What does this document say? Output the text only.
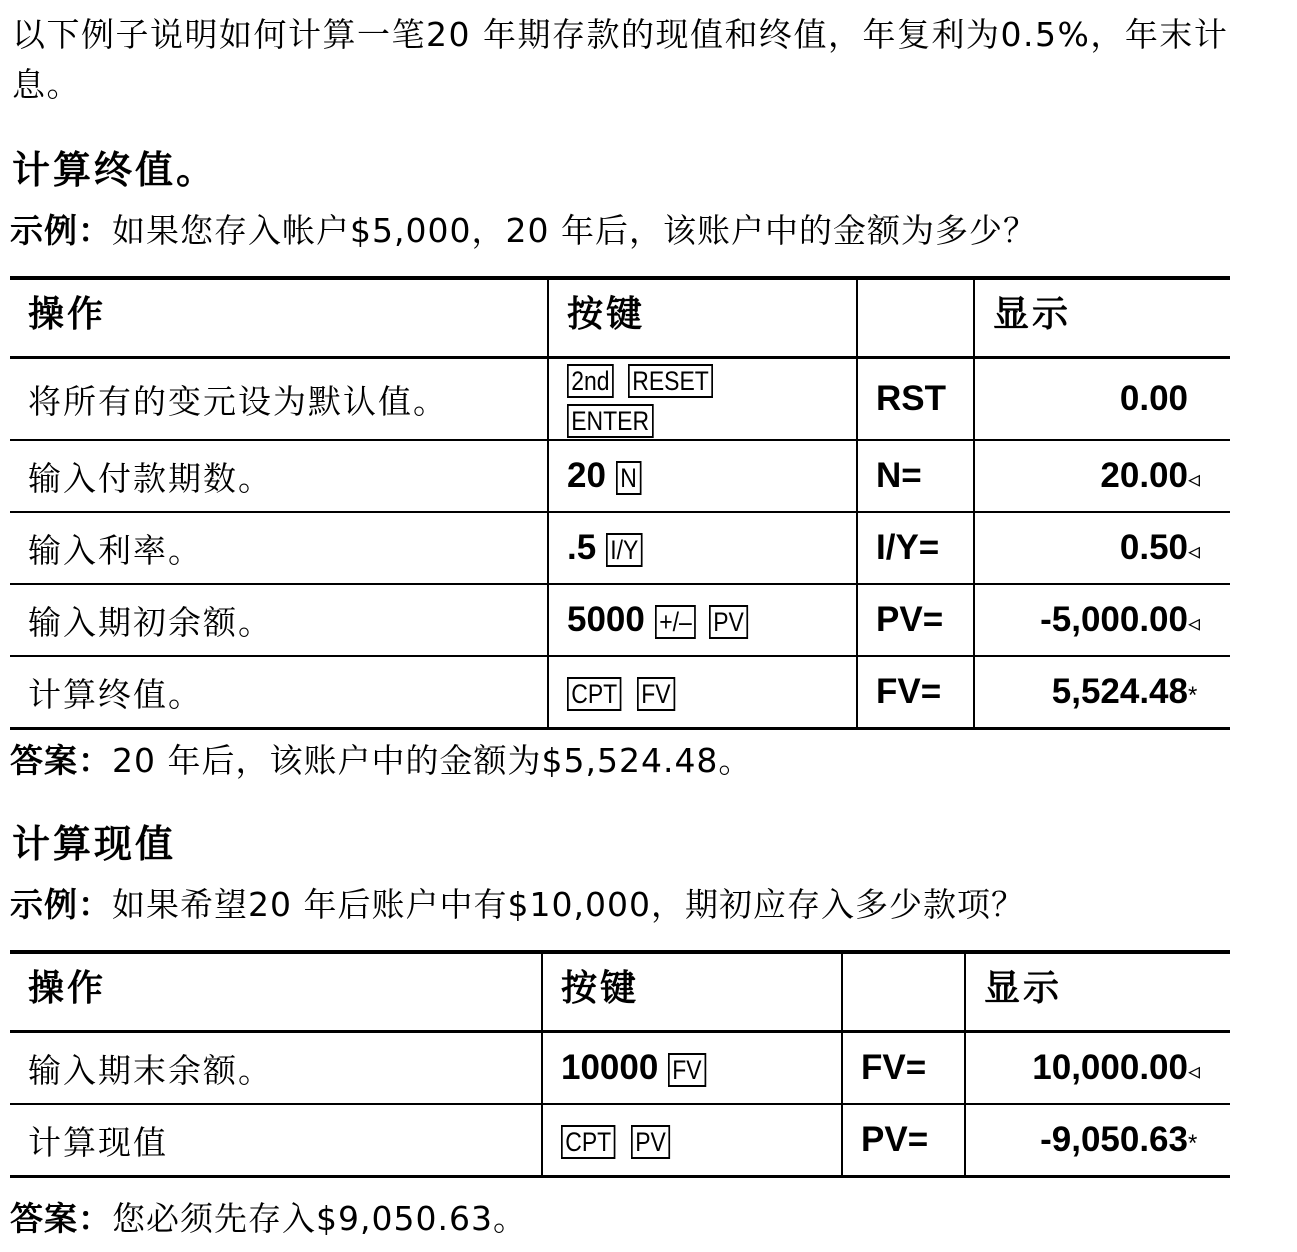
以下例子说明如何计算一笔20 年期存款的现值和终值，年复利为0.5%，年末计息。
计算终值。
示例：如果您存入帐户$5,000，20 年后，该账户中的金额为多少？
操作	按键		显示
将所有的变元设为默认值。	2nd RESETENTER	RST	0.00
输入付款期数。	20 N	N=	20.00◃
输入利率。	.5 I/Y	I/Y=	0.50◃
输入期初余额。	5000 +/– PV	PV=	-5,000.00◃
计算终值。	CPT FV	FV=	5,524.48*
答案：20 年后，该账户中的金额为$5,524.48。
计算现值
示例：如果希望20 年后账户中有$10,000，期初应存入多少款项？
操作	按键		显示
输入期末余额。	10000 FV	FV=	10,000.00◃
计算现值	CPT PV	PV=	-9,050.63*
答案：您必须先存入$9,050.63。
